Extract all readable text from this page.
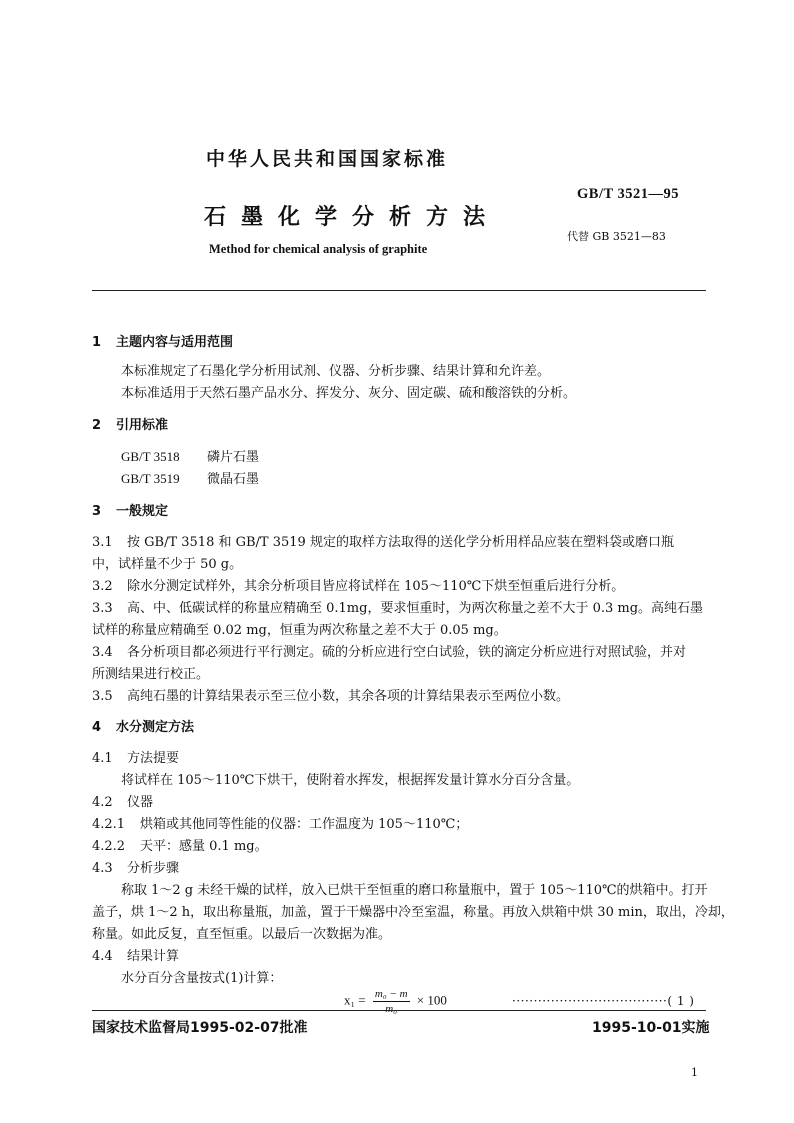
中华人民共和国国家标准
GB/T 3521—95
石墨化学分析方法
代替 GB 3521—83
Method for chemical analysis of graphite
1 主题内容与适用范围
本标准规定了石墨化学分析用试剂、仪器、分析步骤、结果计算和允许差。
本标准适用于天然石墨产品水分、挥发分、灰分、固定碳、硫和酸溶铁的分析。
2 引用标准
GB/T 3518 磷片石墨
GB/T 3519 微晶石墨
3 一般规定
3.1 按 GB/T 3518 和 GB/T 3519 规定的取样方法取得的送化学分析用样品应装在塑料袋或磨口瓶
中，试样量不少于 50 g。
3.2 除水分测定试样外，其余分析项目皆应将试样在 105～110℃下烘至恒重后进行分析。
3.3 高、中、低碳试样的称量应精确至 0.1mg，要求恒重时，为两次称量之差不大于 0.3 mg。高纯石墨
试样的称量应精确至 0.02 mg，恒重为两次称量之差不大于 0.05 mg。
3.4 各分析项目都必须进行平行测定。硫的分析应进行空白试验，铁的滴定分析应进行对照试验，并对
所测结果进行校正。
3.5 高纯石墨的计算结果表示至三位小数，其余各项的计算结果表示至两位小数。
4 水分测定方法
4.1 方法提要
将试样在 105～110℃下烘干，使附着水挥发，根据挥发量计算水分百分含量。
4.2 仪器
4.2.1 烘箱或其他同等性能的仪器：工作温度为 105～110℃；
4.2.2 天平：感量 0.1 mg。
4.3 分析步骤
称取 1～2 g 未经干燥的试样，放入已烘干至恒重的磨口称量瓶中，置于 105～110℃的烘箱中。打开
盖子，烘 1～2 h，取出称量瓶，加盖，置于干燥器中冷至室温，称量。再放入烘箱中烘 30 min，取出，冷却，
称量。如此反复，直至恒重。以最后一次数据为准。
4.4 结果计算
水分百分含量按式(1)计算：
$x_1 = \frac{\text{m₀ − m}}{\text{m₀}} \times 100$	····································( 1 )
国家技术监督局1995-02-07批准	1995-10-01实施
1
